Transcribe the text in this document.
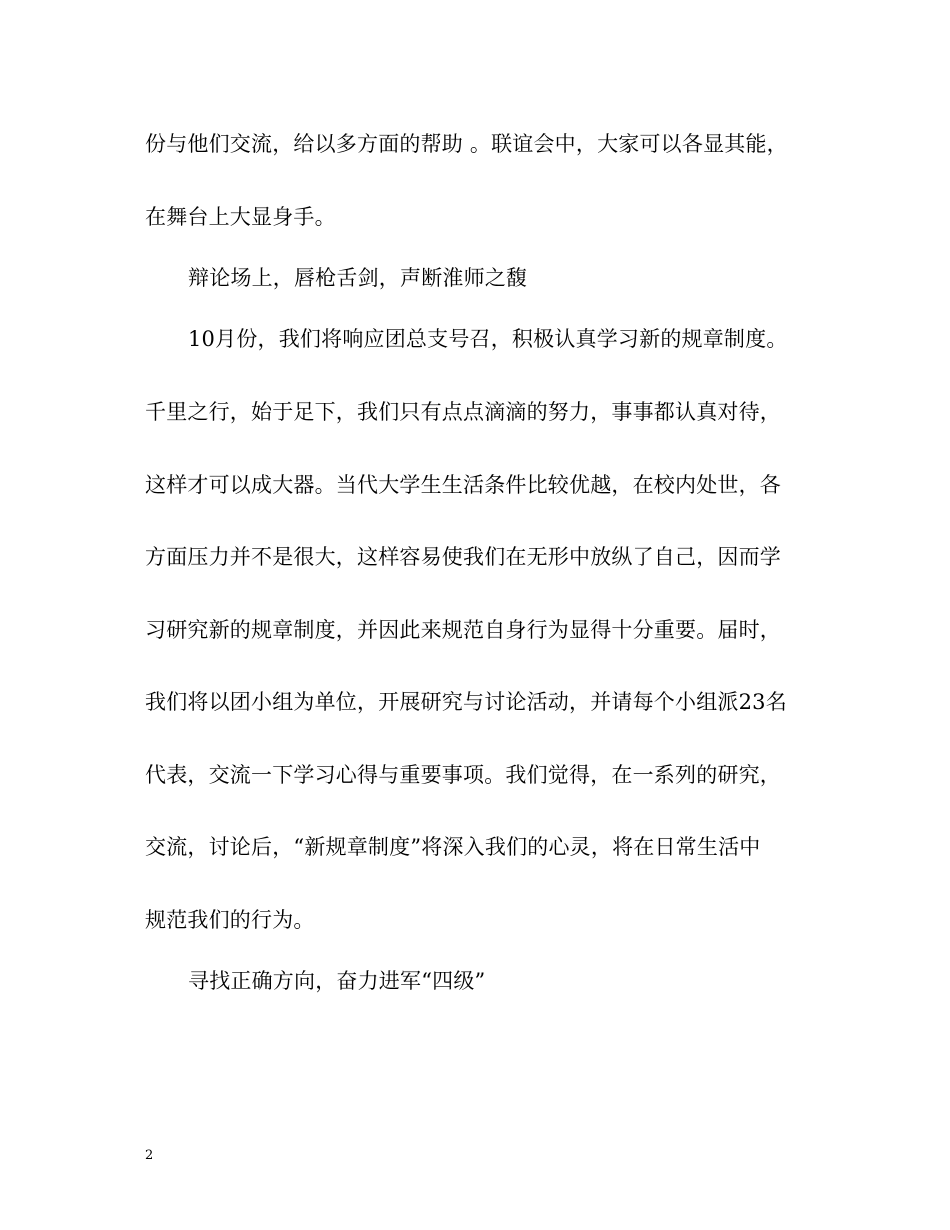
份与他们交流，给以多方面的帮助 。联谊会中，大家可以各显其能，
在舞台上大显身手。
辩论场上，唇枪舌剑，声断淮师之馥
10月份，我们将响应团总支号召，积极认真学习新的规章制度。
千里之行，始于足下，我们只有点点滴滴的努力，事事都认真对待，
这样才可以成大器。当代大学生生活条件比较优越，在校内处世，各
方面压力并不是很大，这样容易使我们在无形中放纵了自己，因而学
习研究新的规章制度，并因此来规范自身行为显得十分重要。届时，
我们将以团小组为单位，开展研究与讨论活动，并请每个小组派23名
代表，交流一下学习心得与重要事项。我们觉得，在一系列的研究，
交流，讨论后，“新规章制度”将深入我们的心灵，将在日常生活中
规范我们的行为。
寻找正确方向，奋力进军“四级”
2
